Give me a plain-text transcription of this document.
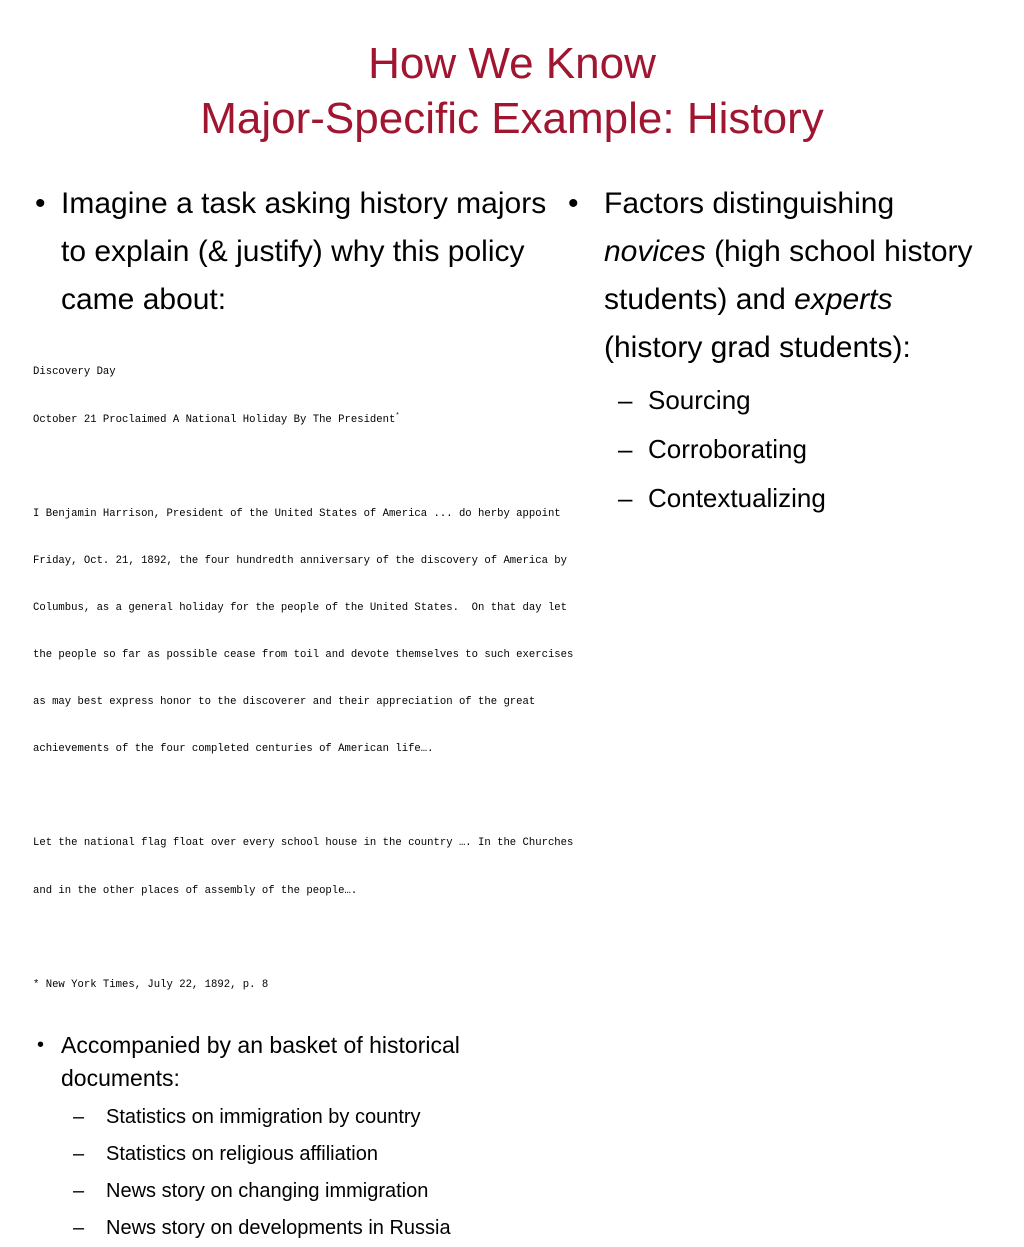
How We Know
Major-Specific Example: History
• Imagine a task asking history majors to explain (& justify) why this policy came about:

Discovery Day

October 21 Proclaimed A National Holiday By The President*

I Benjamin Harrison, President of the United States of America ... do herby appoint

Friday, Oct. 21, 1892, the four hundredth anniversary of the discovery of America by

Columbus, as a general holiday for the people of the United States.  On that day let

the people so far as possible cease from toil and devote themselves to such exercises

as may best express honor to the discoverer and their appreciation of the great

achievements of the four completed centuries of American life….

Let the national flag float over every school house in the country …. In the Churches

and in the other places of assembly of the people….

* New York Times, July 22, 1892, p. 8

• Accompanied by an basket of historical documents:
– Statistics on immigration by country
– Statistics on religious affiliation
– News story on changing immigration
– News story on developments in Russia
• Factors distinguishing novices (high school history students) and experts (history grad students):
– Sourcing
– Corroborating
– Contextualizing
